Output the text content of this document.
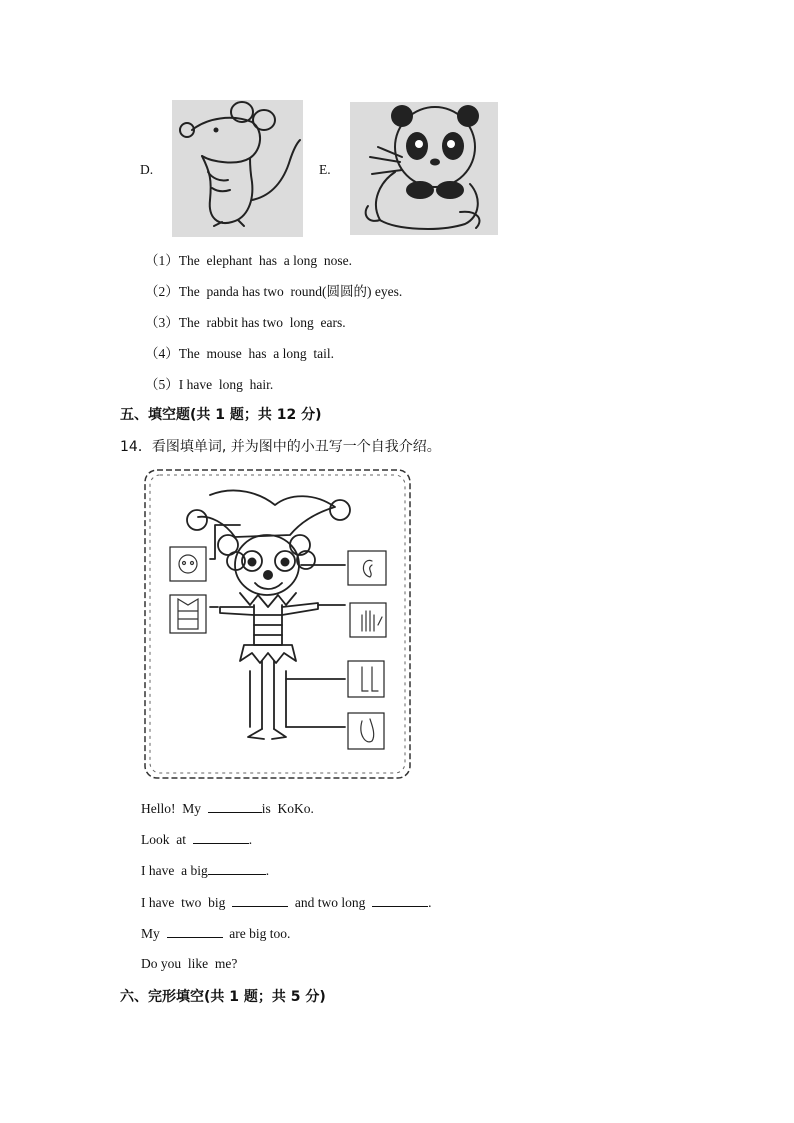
D.	E.
（1）The  elephant  has  a long  nose.
（2）The  panda has two  round(圆圆的) eyes.
（3）The  rabbit has two  long  ears.
（4）The  mouse  has  a long  tail.
（5）I have  long  hair.
五、填空题(共 1 题；共 12 分)
14．看图填单词, 并为图中的小丑写一个自我介绍。
Hello!  My	is  KoKo.
Look  at	.
I have  a big	.
I have  two  big	and two long	.
My	are big too.
Do you  like  me?
六、完形填空(共 1 题；共 5 分)
